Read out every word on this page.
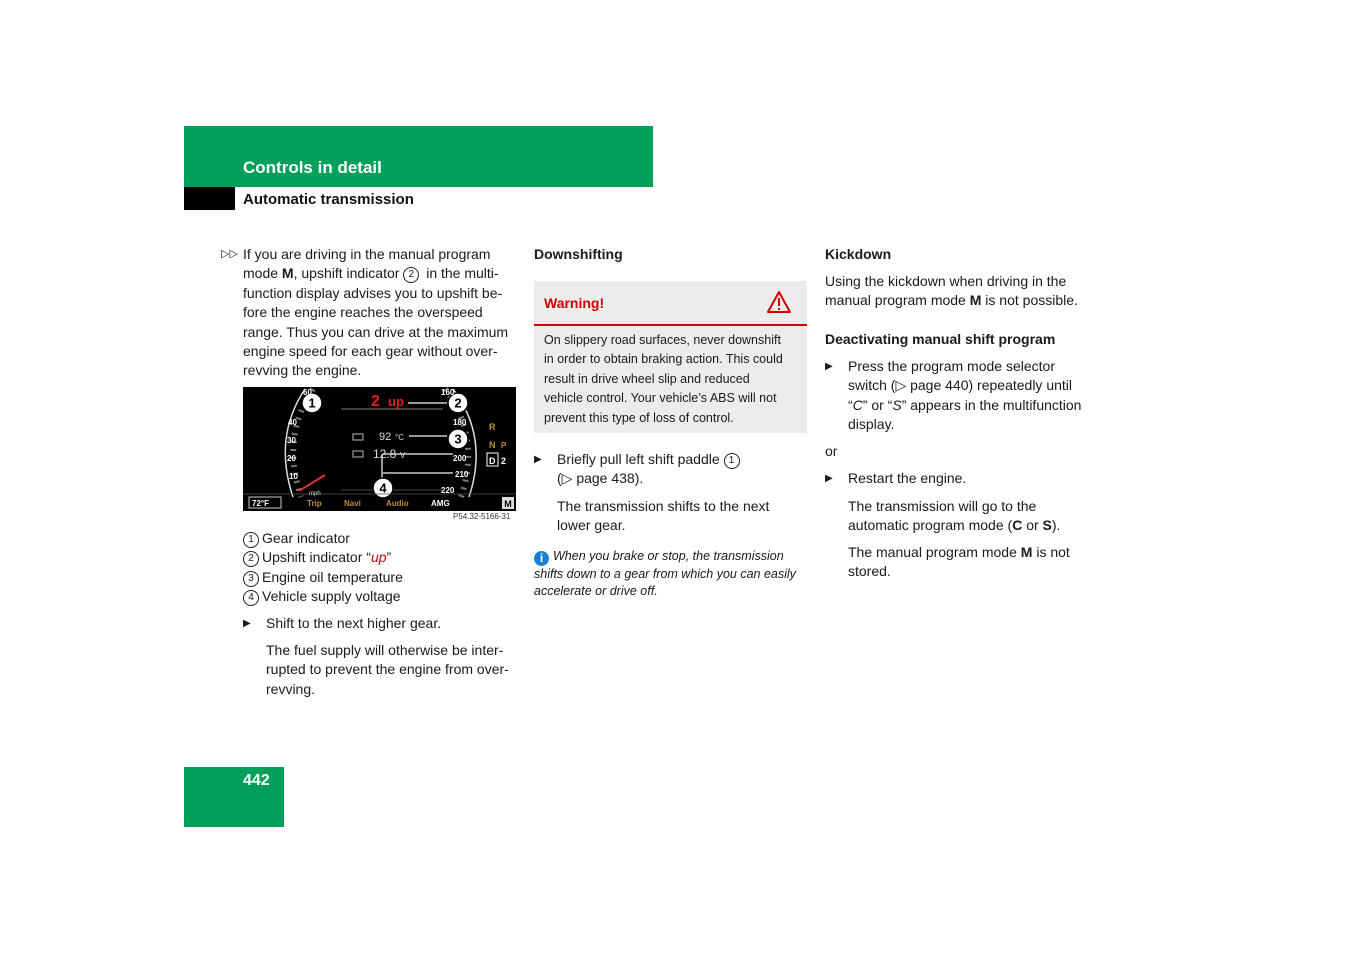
Controls in detail
Automatic transmission
▷▷ If you are driving in the manual program
mode M, upshift indicator 2 in the multi-
function display advises you to upshift be-
fore the engine reaches the overspeed
range. Thus you can drive at the maximum
engine speed for each gear without over-
revving the engine.

1	2
3
4
2 up
60
40
30
20
10
160
180
200
210
220
92 °C
12.8 V
R
N P
D 2
mph
72°F	Trip	Navi	Audio	AMG	M
P54.32-5166-31
1 Gear indicator
2 Upshift indicator “up”
3 Engine oil temperature
4 Vehicle supply voltage
▶	Shift to the next higher gear.
The fuel supply will otherwise be inter-
rupted to prevent the engine from over-
revving.
Downshifting
Warning!
On slippery road surfaces, never downshift
in order to obtain braking action. This could
result in drive wheel slip and reduced
vehicle control. Your vehicle’s ABS will not
prevent this type of loss of control.
▶	Briefly pull left shift paddle 1
(▷ page 438).
The transmission shifts to the next
lower gear.
i When you brake or stop, the transmission
shifts down to a gear from which you can easily
accelerate or drive off.
Kickdown
Using the kickdown when driving in the
manual program mode M is not possible.
Deactivating manual shift program
▶	Press the program mode selector
switch (▷ page 440) repeatedly until
“C” or “S” appears in the multifunction
display.
or
▶	Restart the engine.
The transmission will go to the
automatic program mode (C or S).
The manual program mode M is not
stored.
442
